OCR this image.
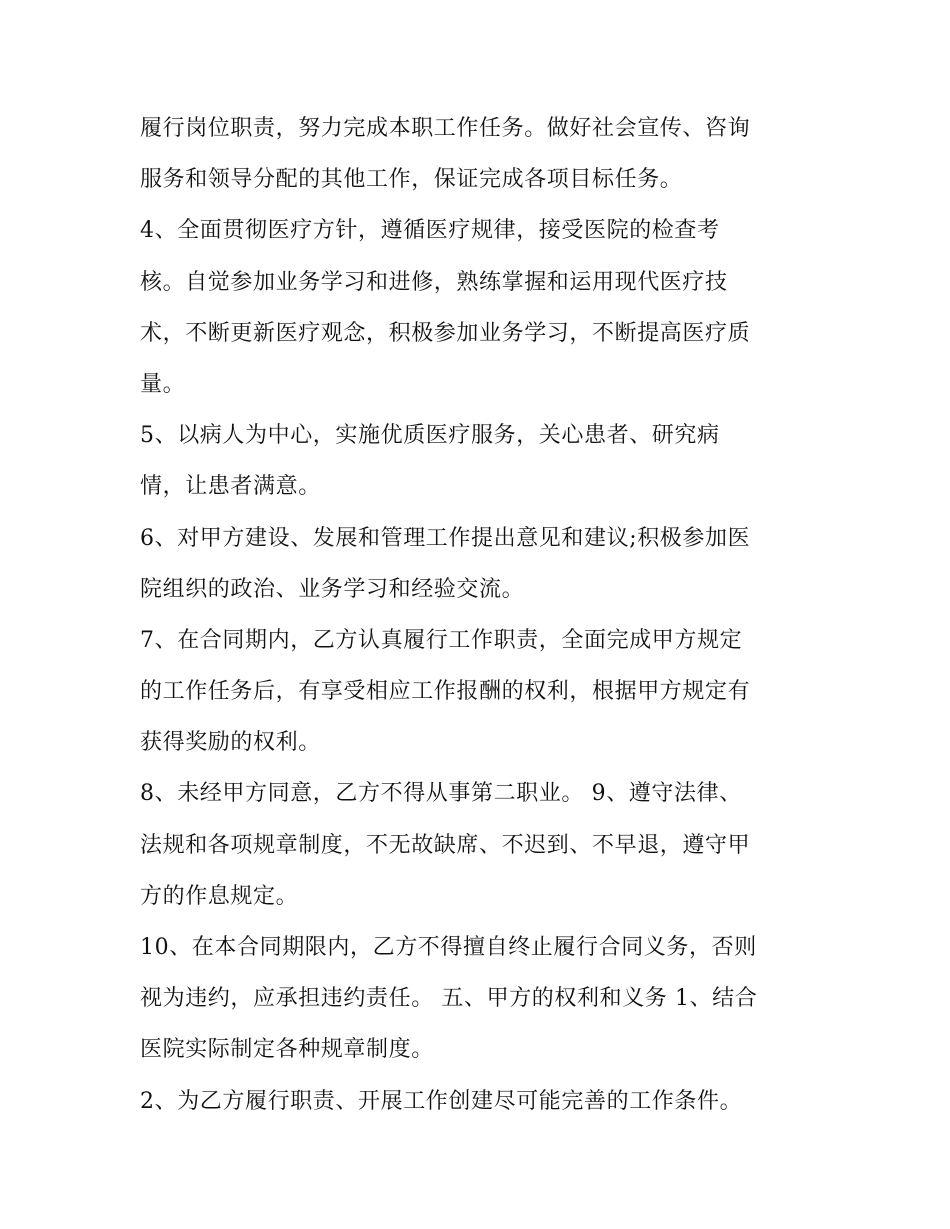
履行岗位职责，努力完成本职工作任务。做好社会宣传、咨询
服务和领导分配的其他工作，保证完成各项目标任务。
4、全面贯彻医疗方针，遵循医疗规律，接受医院的检查考
核。自觉参加业务学习和进修，熟练掌握和运用现代医疗技
术，不断更新医疗观念，积极参加业务学习，不断提高医疗质
量。
5、以病人为中心，实施优质医疗服务，关心患者、研究病
情，让患者满意。
6、对甲方建设、发展和管理工作提出意见和建议;积极参加医
院组织的政治、业务学习和经验交流。
7、在合同期内，乙方认真履行工作职责，全面完成甲方规定
的工作任务后，有享受相应工作报酬的权利，根据甲方规定有
获得奖励的权利。
8、未经甲方同意，乙方不得从事第二职业。 9、遵守法律、
法规和各项规章制度，不无故缺席、不迟到、不早退，遵守甲
方的作息规定。
10、在本合同期限内，乙方不得擅自终止履行合同义务，否则
视为违约，应承担违约责任。 五、甲方的权利和义务 1、结合
医院实际制定各种规章制度。
2、为乙方履行职责、开展工作创建尽可能完善的工作条件。
